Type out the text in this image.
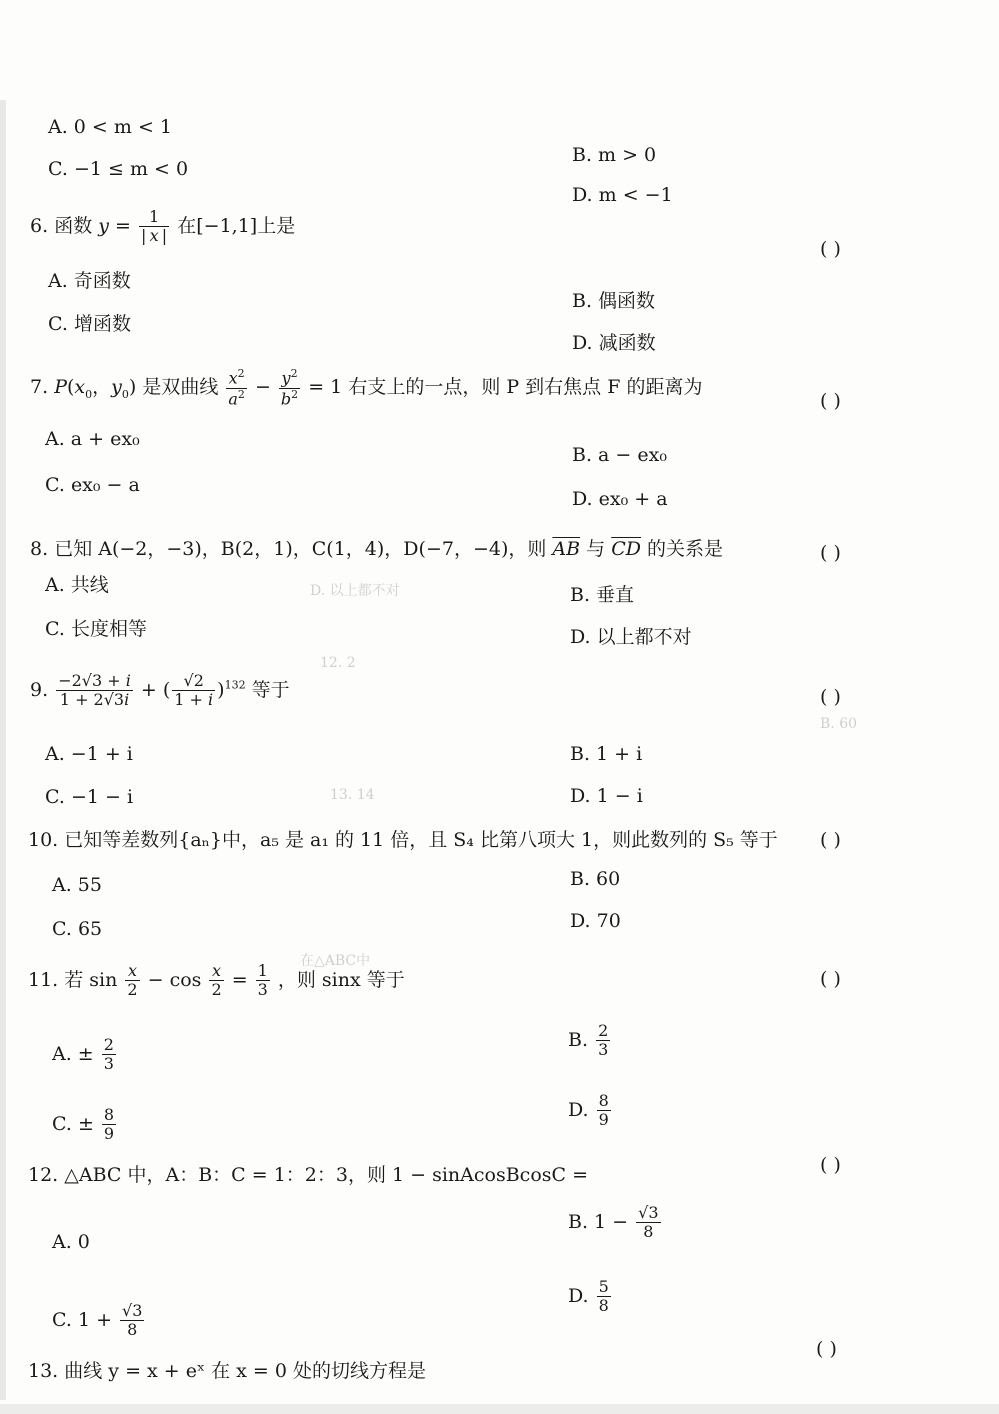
B. 60
D. 以上都不对
12. 2
13. 14
在△ABC中
A. 0 < m < 1
B. m > 0
C. −1 ≤ m < 0
D. m < −1
6. 函数 $y = \frac{1}{| x |}$ 在[−1,1]上是
( )
A. 奇函数
B. 偶函数
C. 增函数
D. 减函数
7. $P(x_0$，$y_0$) 是双曲线 $\frac{x^2}{a^2} - \frac{y^2}{b^2} = 1$ 右支上的一点，则 P 到右焦点 F 的距离为
( )
A. a + ex₀
B. a − ex₀
C. ex₀ − a
D. ex₀ + a
8. 已知 A(−2，−3)，B(2，1)，C(1，4)，D(−7，−4)，则 $\overline{AB}$ 与 $\overline{CD}$ 的关系是	( )
A. 共线	B. 垂直
C. 长度相等	D. 以上都不对
9. $\frac{-2√3 + i}{1 + 2√3i}$ + ( $\frac{√2}{1 + i} )^{132}$ 等于	( )
A. −1 + i	B. 1 + i
C. −1 − i	D. 1 − i
10. 已知等差数列{aₙ}中，a₅ 是 a₁ 的 11 倍，且 S₄ 比第八项大 1，则此数列的 S₅ 等于 ( )
A. 55	B. 60
C. 65	D. 70
11. 若 $\sin \frac{x}{2} - \cos \frac{x}{2} = \frac{1}{3}$ ，则 sinx 等于	( )
A. ± $\frac{2}{3}$	B. $\frac{2}{3}$
C. ± $\frac{8}{9}$	D. $\frac{8}{9}$
12. △ABC 中，A：B：C = 1：2：3，则 1 − sinAcosBcosC =	( )
A. 0
B. $1 - \frac{√3}{8}$
C. $1 + \frac{√3}{8}$
D. $\frac{5}{8}$
13. 曲线 y = x + eˣ 在 x = 0 处的切线方程是
( )
